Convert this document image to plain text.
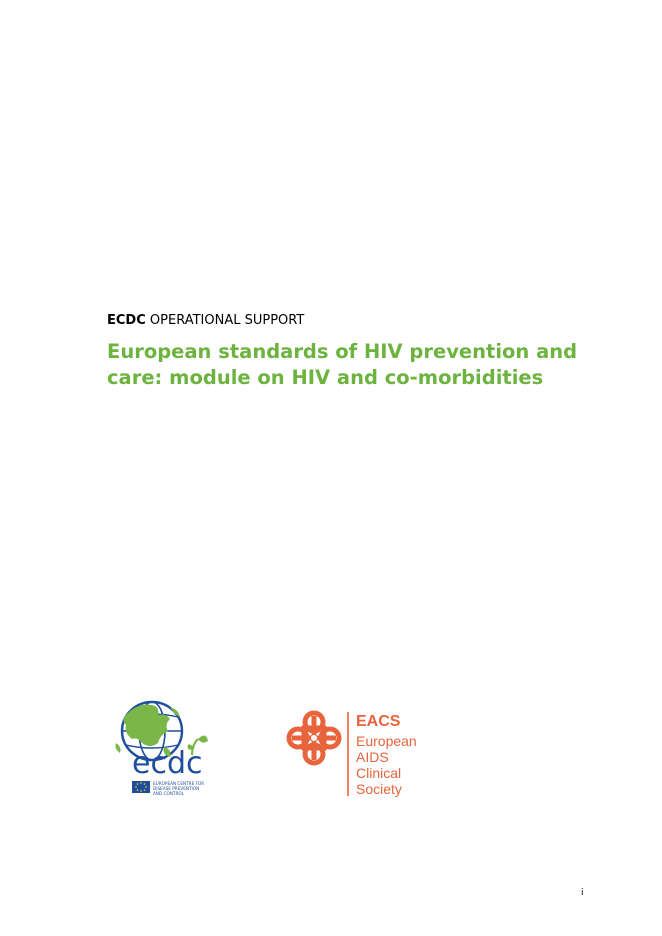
ECDC OPERATIONAL SUPPORT
European standards of HIV prevention and
care: module on HIV and co-morbidities
ecdc
EUROPEAN CENTRE FOR
DISEASE PREVENTION
AND CONTROL
EACS
European
AIDS
Clinical
Society
i
